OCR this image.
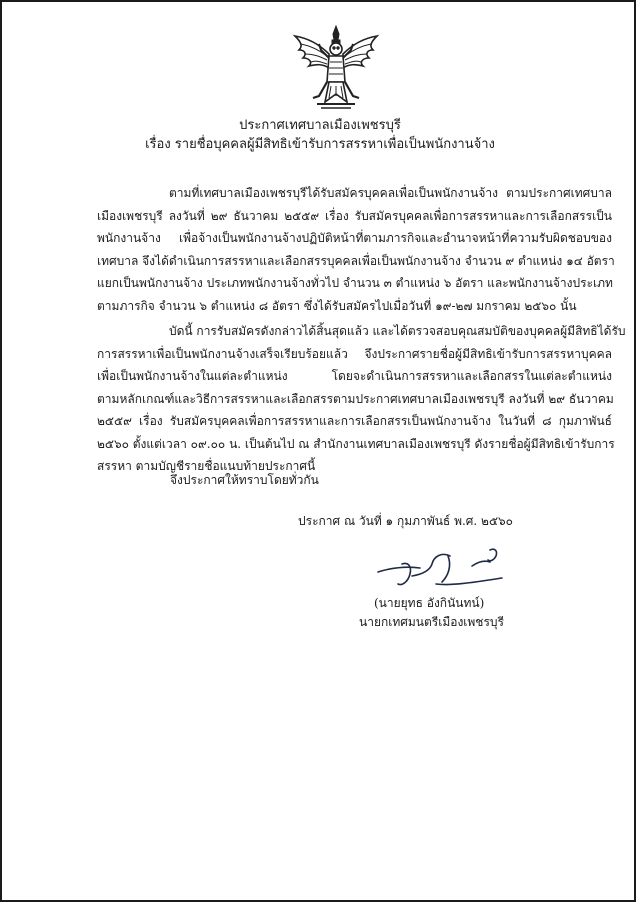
ประกาศเทศบาลเมืองเพชรบุรี
เรื่อง รายชื่อบุคคลผู้มีสิทธิเข้ารับการสรรหาเพื่อเป็นพนักงานจ้าง
ตามที่เทศบาลเมืองเพชรบุรีได้รับสมัครบุคคลเพื่อเป็นพนักงานจ้าง ตามประกาศเทศบาล
เมืองเพชรบุรี ลงวันที่ ๒๙ ธันวาคม ๒๕๕๙ เรื่อง รับสมัครบุคคลเพื่อการสรรหาและการเลือกสรรเป็น
พนักงานจ้าง เพื่อจ้างเป็นพนักงานจ้างปฏิบัติหน้าที่ตามภารกิจและอำนาจหน้าที่ความรับผิดชอบของ
เทศบาล จึงได้ดำเนินการสรรหาและเลือกสรรบุคคลเพื่อเป็นพนักงานจ้าง จำนวน ๙ ตำแหน่ง ๑๔ อัตรา
แยกเป็นพนักงานจ้าง ประเภทพนักงานจ้างทั่วไป จำนวน ๓ ตำแหน่ง ๖ อัตรา และพนักงานจ้างประเภท
ตามภารกิจ จำนวน ๖ ตำแหน่ง ๘ อัตรา ซึ่งได้รับสมัครไปเมื่อวันที่ ๑๙-๒๗ มกราคม ๒๕๖๐ นั้น
บัดนี้ การรับสมัครดังกล่าวได้สิ้นสุดแล้ว และได้ตรวจสอบคุณสมบัติของบุคคลผู้มีสิทธิได้รับ
การสรรหาเพื่อเป็นพนักงานจ้างเสร็จเรียบร้อยแล้ว จึงประกาศรายชื่อผู้มีสิทธิเข้ารับการสรรหาบุคคล
เพื่อเป็นพนักงานจ้างในแต่ละตำแหน่ง โดยจะดำเนินการสรรหาและเลือกสรรในแต่ละตำแหน่ง
ตามหลักเกณฑ์และวิธีการสรรหาและเลือกสรรตามประกาศเทศบาลเมืองเพชรบุรี ลงวันที่ ๒๙ ธันวาคม
๒๕๕๙ เรื่อง รับสมัครบุคคลเพื่อการสรรหาและการเลือกสรรเป็นพนักงานจ้าง ในวันที่ ๘ กุมภาพันธ์
๒๕๖๐ ตั้งแต่เวลา ๐๙.๐๐ น. เป็นต้นไป ณ สำนักงานเทศบาลเมืองเพชรบุรี ดังรายชื่อผู้มีสิทธิเข้ารับการ
สรรหา ตามบัญชีรายชื่อแนบท้ายประกาศนี้
จึงประกาศให้ทราบโดยทั่วกัน
ประกาศ ณ วันที่ ๑ กุมภาพันธ์ พ.ศ. ๒๕๖๐
(นายยุทธ อังกินันทน์)
นายกเทศมนตรีเมืองเพชรบุรี
